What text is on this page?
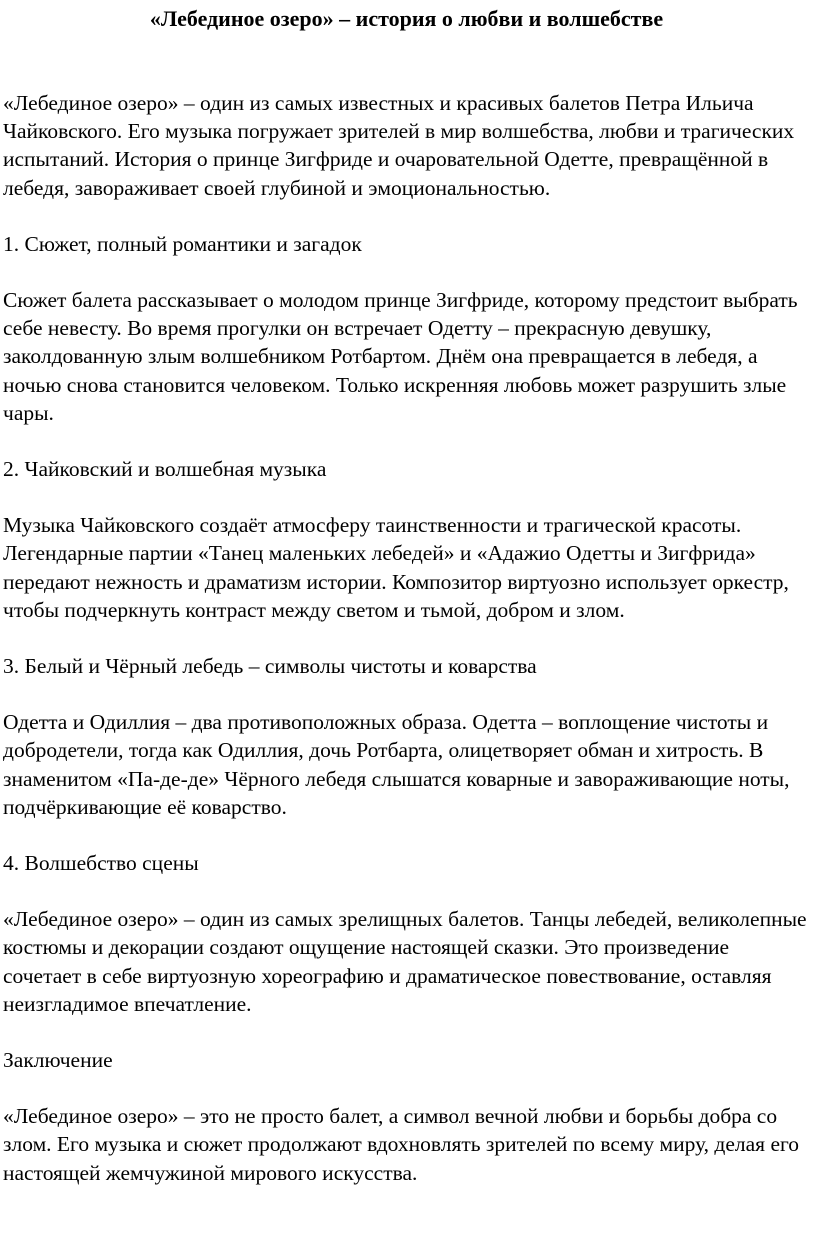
«Лебединое озеро» – история о любви и волшебстве
«Лебединое озеро» – один из самых известных и красивых балетов Петра Ильича Чайковского. Его музыка погружает зрителей в мир волшебства, любви и трагических испытаний. История о принце Зигфриде и очаровательной Одетте, превращённой в лебедя, завораживает своей глубиной и эмоциональностью.
1. Сюжет, полный романтики и загадок
Сюжет балета рассказывает о молодом принце Зигфриде, которому предстоит выбрать себе невесту. Во время прогулки он встречает Одетту – прекрасную девушку, заколдованную злым волшебником Ротбартом. Днём она превращается в лебедя, а ночью снова становится человеком. Только искренняя любовь может разрушить злые чары.
2. Чайковский и волшебная музыка
Музыка Чайковского создаёт атмосферу таинственности и трагической красоты. Легендарные партии «Танец маленьких лебедей» и «Адажио Одетты и Зигфрида» передают нежность и драматизм истории. Композитор виртуозно использует оркестр, чтобы подчеркнуть контраст между светом и тьмой, добром и злом.
3. Белый и Чёрный лебедь – символы чистоты и коварства
Одетта и Одиллия – два противоположных образа. Одетта – воплощение чистоты и добродетели, тогда как Одиллия, дочь Ротбарта, олицетворяет обман и хитрость. В знаменитом «Па-де-де» Чёрного лебедя слышатся коварные и завораживающие ноты, подчёркивающие её коварство.
4. Волшебство сцены
«Лебединое озеро» – один из самых зрелищных балетов. Танцы лебедей, великолепные костюмы и декорации создают ощущение настоящей сказки. Это произведение сочетает в себе виртуозную хореографию и драматическое повествование, оставляя неизгладимое впечатление.
Заключение
«Лебединое озеро» – это не просто балет, а символ вечной любви и борьбы добра со злом. Его музыка и сюжет продолжают вдохновлять зрителей по всему миру, делая его настоящей жемчужиной мирового искусства.
